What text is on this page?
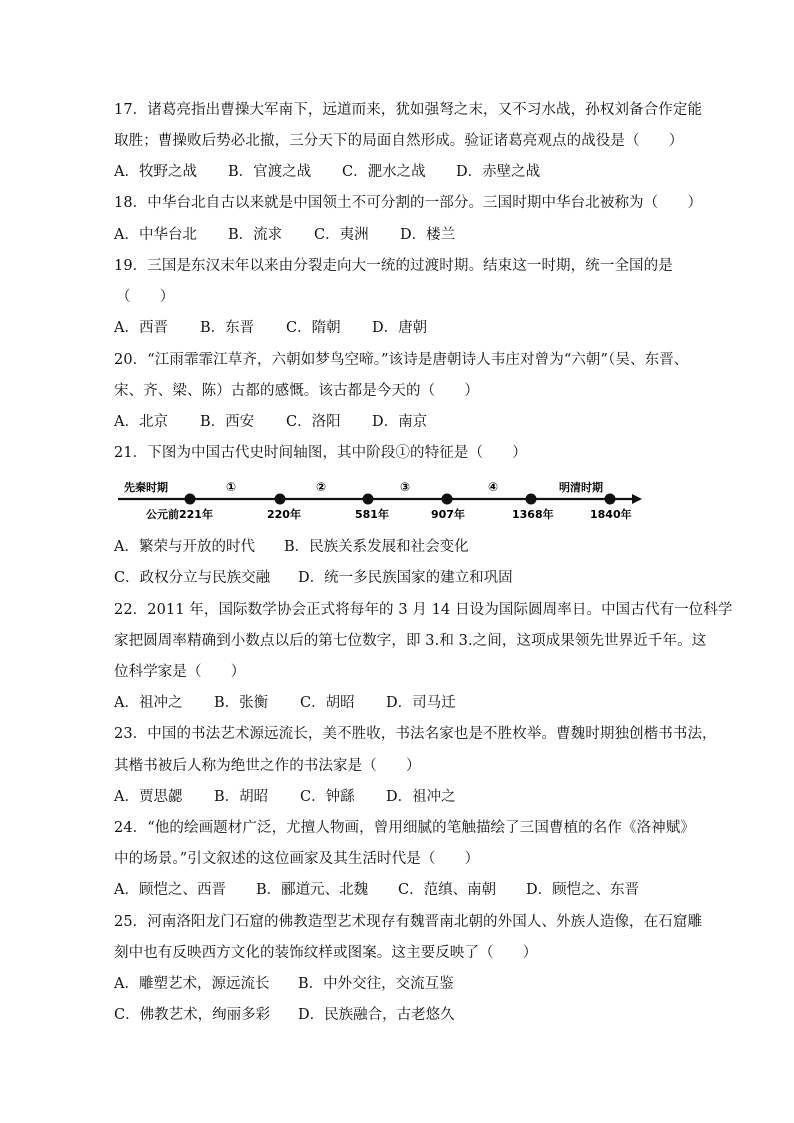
17．诸葛亮指出曹操大军南下，远道而来，犹如强弩之末，又不习水战，孙权刘备合作定能
取胜；曹操败后势必北撤，三分天下的局面自然形成。验证诸葛亮观点的战役是（　　）
A．牧野之战 B．官渡之战 C．淝水之战 D．赤壁之战
18．中华台北自古以来就是中国领土不可分割的一部分。三国时期中华台北被称为（　　）
A．中华台北 B．流求 C．夷洲 D．楼兰
19．三国是东汉末年以来由分裂走向大一统的过渡时期。结束这一时期，统一全国的是
（　　）
A．西晋 B．东晋 C．隋朝 D．唐朝
20．“江雨霏霏江草齐，六朝如梦鸟空啼。”该诗是唐朝诗人韦庄对曾为“六朝”（吴、东晋、
宋、齐、梁、陈）古都的感慨。该古都是今天的（　　）
A．北京 B．西安 C．洛阳 D．南京
21．下图为中国古代史时间轴图，其中阶段①的特征是（　　）
先秦时期	明清时期
①	②	③	④
公元前221年	220年	581年	907年	1368年	1840年
A．繁荣与开放的时代 B．民族关系发展和社会变化
C．政权分立与民族交融 D．统一多民族国家的建立和巩固
22．2011 年，国际数学协会正式将每年的 3 月 14 日设为国际圆周率日。中国古代有一位科学
家把圆周率精确到小数点以后的第七位数字，即 3.和 3.之间，这项成果领先世界近千年。这
位科学家是（　　）
A．祖冲之 B．张衡 C．胡昭 D．司马迁
23．中国的书法艺术源远流长，美不胜收，书法名家也是不胜枚举。曹魏时期独创楷书书法，
其楷书被后人称为绝世之作的书法家是（　　）
A．贾思勰 B．胡昭 C．钟繇 D．祖冲之
24．“他的绘画题材广泛，尤擅人物画，曾用细腻的笔触描绘了三国曹植的名作《洛神赋》
中的场景。”引文叙述的这位画家及其生活时代是（　　）
A．顾恺之、西晋 B．郦道元、北魏 C．范缜、南朝 D．顾恺之、东晋
25．河南洛阳龙门石窟的佛教造型艺术现存有魏晋南北朝的外国人、外族人造像，在石窟雕
刻中也有反映西方文化的装饰纹样或图案。这主要反映了（　　）
A．雕塑艺术，源远流长 B．中外交往，交流互鉴
C．佛教艺术，绚丽多彩 D．民族融合，古老悠久
